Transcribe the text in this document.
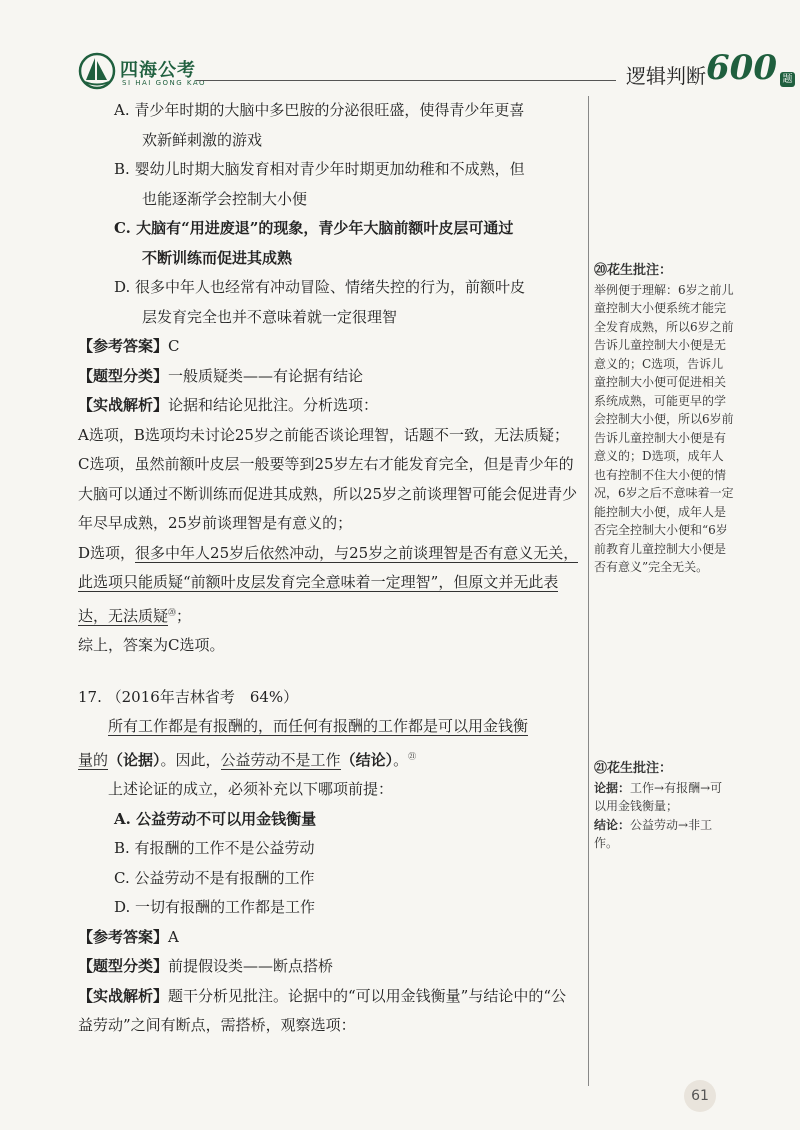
四海公考
SI HAI GONG KAO	逻辑判断 600 题
A. 青少年时期的大脑中多巴胺的分泌很旺盛，使得青少年更喜
欢新鲜刺激的游戏
B. 婴幼儿时期大脑发育相对青少年时期更加幼稚和不成熟，但
也能逐渐学会控制大小便
C. 大脑有“用进废退”的现象，青少年大脑前额叶皮层可通过
不断训练而促进其成熟
D. 很多中年人也经常有冲动冒险、情绪失控的行为，前额叶皮
层发育完全也并不意味着就一定很理智

【参考答案】C

【题型分类】一般质疑类——有论据有结论

【实战解析】论据和结论见批注。分析选项：

A选项，B选项均未讨论25岁之前能否谈论理智，话题不一致，无法质疑；

C选项，虽然前额叶皮层一般要等到25岁左右才能发育完全，但是青少年的大脑可以通过不断训练而促进其成熟，所以25岁之前谈理智可能会促进青少年尽早成熟，25岁前谈理智是有意义的；

D选项，很多中年人25岁后依然冲动，与25岁之前谈理智是否有意义无关，此选项只能质疑“前额叶皮层发育完全意味着一定理智”，但原文并无此表达，无法质疑⑳；

综上，答案为C选项。

17. （2016年吉林省考　64%）

所有工作都是有报酬的，而任何有报酬的工作都是可以用金钱衡
量的（论据）。因此，公益劳动不是工作（结论）。$^㉑$

上述论证的成立，必须补充以下哪项前提：

A. 公益劳动不可以用金钱衡量

B. 有报酬的工作不是公益劳动

C. 公益劳动不是有报酬的工作

D. 一切有报酬的工作都是工作

【参考答案】A

【题型分类】前提假设类——断点搭桥

【实战解析】题干分析见批注。论据中的“可以用金钱衡量”与结论中的“公益劳动”之间有断点，需搭桥，观察选项：

⑳花生批注：
举例便于理解：6岁之前儿童控制大小便系统才能完全发育成熟，所以6岁之前告诉儿童控制大小便是无意义的；C选项，告诉儿童控制大小便可促进相关系统成熟，可能更早的学会控制大小便，所以6岁前告诉儿童控制大小便是有意义的；D选项，成年人也有控制不住大小便的情况，6岁之后不意味着一定能控制大小便，成年人是否完全控制大小便和“6岁前教育儿童控制大小便是否有意义”完全无关。
㉑花生批注：
论据：工作→有报酬→可以用金钱衡量；
结论：公益劳动→非工作。
61
